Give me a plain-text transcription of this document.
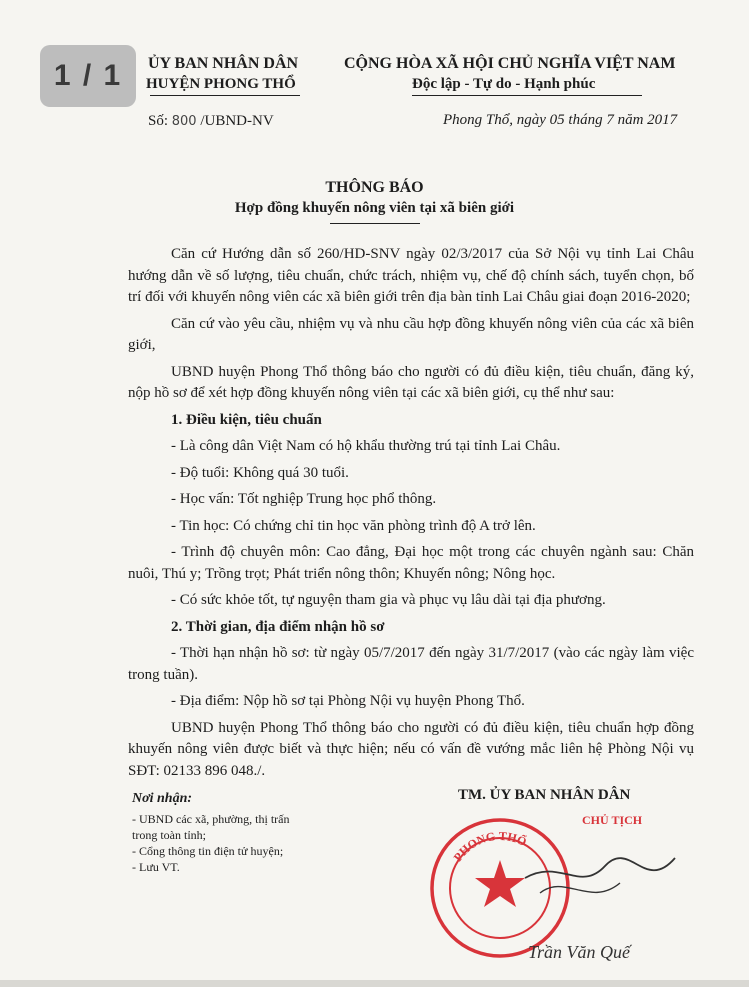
1 / 1	ỦY BAN NHÂN DÂN
HUYỆN PHONG THỔ
CỘNG HÒA XÃ HỘI CHỦ NGHĨA VIỆT NAM
Độc lập - Tự do - Hạnh phúc
Số: 800 /UBND-NV	Phong Thổ, ngày 05 tháng 7 năm 2017
THÔNG BÁO
Hợp đồng khuyến nông viên tại xã biên giới

Căn cứ Hướng dẫn số 260/HD-SNV ngày 02/3/2017 của Sở Nội vụ tỉnh Lai Châu hướng dẫn về số lượng, tiêu chuẩn, chức trách, nhiệm vụ, chế độ chính sách, tuyển chọn, bố trí đối với khuyến nông viên các xã biên giới trên địa bàn tỉnh Lai Châu giai đoạn 2016-2020;

Căn cứ vào yêu cầu, nhiệm vụ và nhu cầu hợp đồng khuyến nông viên của các xã biên giới,

UBND huyện Phong Thổ thông báo cho người có đủ điều kiện, tiêu chuẩn, đăng ký, nộp hồ sơ để xét hợp đồng khuyến nông viên tại các xã biên giới, cụ thể như sau:

1. Điều kiện, tiêu chuẩn

- Là công dân Việt Nam có hộ khẩu thường trú tại tỉnh Lai Châu.

- Độ tuổi: Không quá 30 tuổi.

- Học vấn: Tốt nghiệp Trung học phổ thông.

- Tin học: Có chứng chỉ tin học văn phòng trình độ A trở lên.

- Trình độ chuyên môn: Cao đẳng, Đại học một trong các chuyên ngành sau: Chăn nuôi, Thú y; Trồng trọt; Phát triển nông thôn; Khuyến nông; Nông học.

- Có sức khỏe tốt, tự nguyện tham gia và phục vụ lâu dài tại địa phương.

2. Thời gian, địa điểm nhận hồ sơ

- Thời hạn nhận hồ sơ: từ ngày 05/7/2017 đến ngày 31/7/2017 (vào các ngày làm việc trong tuần).

- Địa điểm: Nộp hồ sơ tại Phòng Nội vụ huyện Phong Thổ.

UBND huyện Phong Thổ thông báo cho người có đủ điều kiện, tiêu chuẩn hợp đồng khuyến nông viên được biết và thực hiện; nếu có vấn đề vướng mắc liên hệ Phòng Nội vụ SĐT: 02133 896 048./.

Nơi nhận:
- UBND các xã, phường, thị trấn
trong toàn tỉnh;
- Cổng thông tin điện tử huyện;
- Lưu VT.
TM. ỦY BAN NHÂN DÂN
PHONG THỔ
CHỦ TỊCH
Trần Văn Quế
